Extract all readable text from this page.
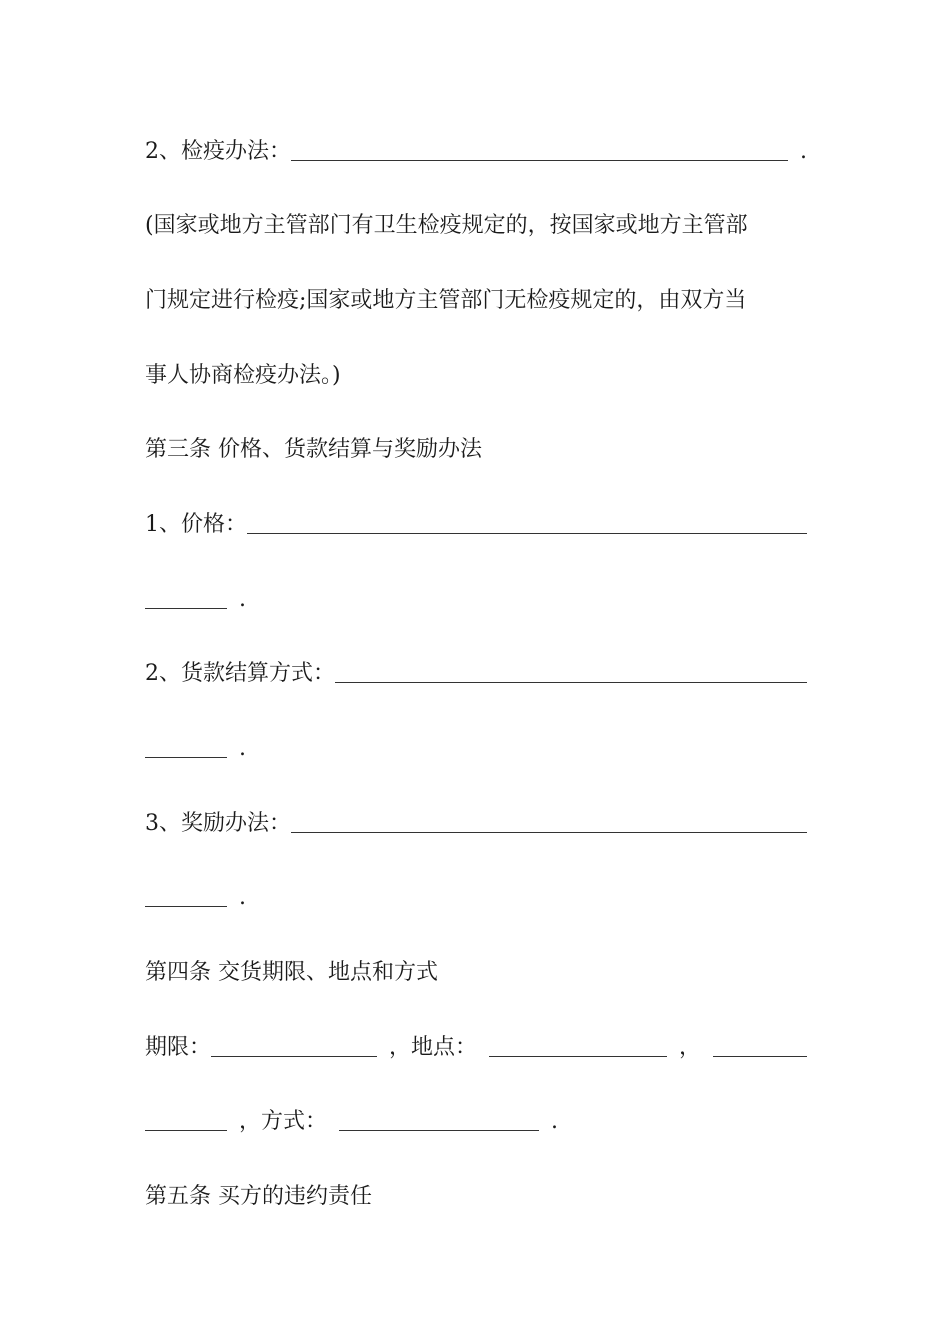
2、检疫办法：	.
(国家或地方主管部门有卫生检疫规定的，按国家或地方主管部
门规定进行检疫;国家或地方主管部门无检疫规定的，由双方当
事人协商检疫办法。)
第三条 价格、货款结算与奖励办法
1、价格：
.
2、货款结算方式：
.
3、奖励办法：
.
第四条 交货期限、地点和方式
期限：	，地点：	，
，方式：	.
第五条 买方的违约责任
